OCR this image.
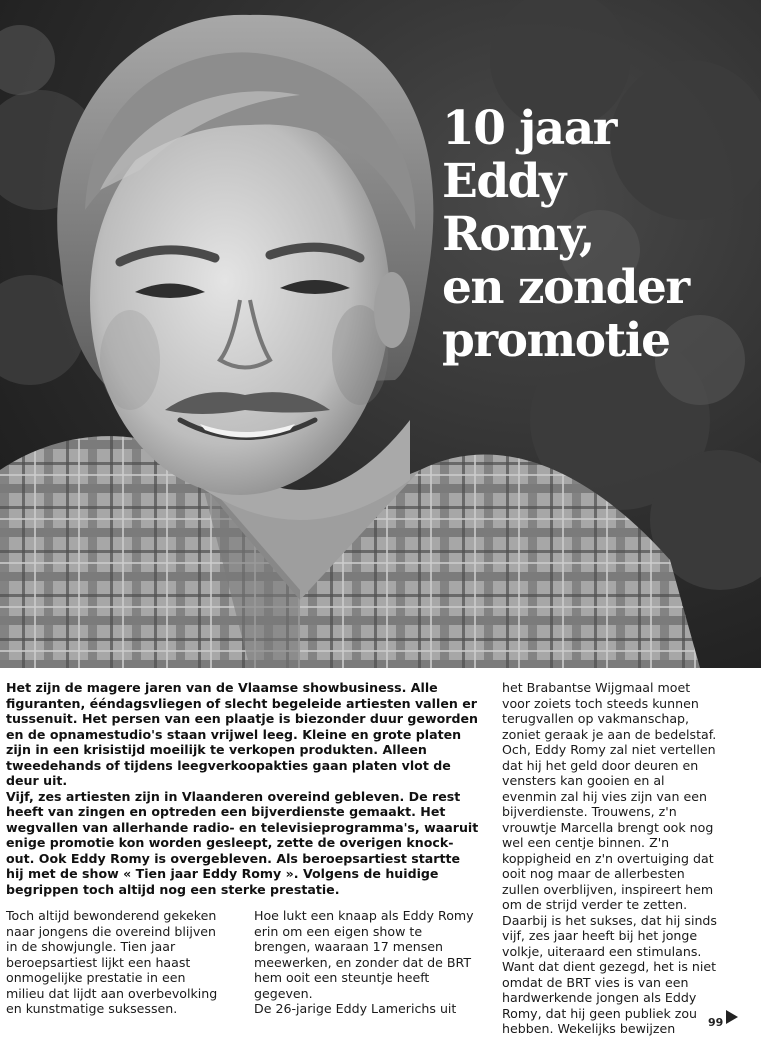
10 jaar
Eddy
Romy,
en zonder
promotie

Het zijn de magere jaren van de Vlaamse showbusiness. Alle figuranten, ééndagsvliegen of slecht begeleide artiesten vallen er tussenuit. Het persen van een plaatje is biezonder duur geworden en de opnamestudio's staan vrijwel leeg. Kleine en grote platen zijn in een krisistijd moeilijk te verkopen produkten. Alleen tweedehands of tijdens leegverkoopakties gaan platen vlot de deur uit.
Vijf, zes artiesten zijn in Vlaanderen overeind gebleven. De rest heeft van zingen en optreden een bijverdienste gemaakt. Het wegvallen van allerhande radio- en televisieprogramma's, waaruit enige promotie kon worden gesleept, zette de overigen knock-out. Ook Eddy Romy is overgebleven. Als beroepsartiest startte hij met de show « Tien jaar Eddy Romy ». Volgens de huidige begrippen toch altijd nog een sterke prestatie.

Toch altijd bewonderend gekeken naar jongens die overeind blijven in de showjungle. Tien jaar beroepsartiest lijkt een haast onmogelijke prestatie in een milieu dat lijdt aan overbevolking en kunstmatige suksessen.

Hoe lukt een knaap als Eddy Romy erin om een eigen show te brengen, waaraan 17 mensen meewerken, en zonder dat de BRT hem ooit een steuntje heeft gegeven.
De 26-jarige Eddy Lamerichs uit

het Brabantse Wijgmaal moet voor zoiets toch steeds kunnen terugvallen op vakmanschap, zoniet geraak je aan de bedelstaf. Och, Eddy Romy zal niet vertellen dat hij het geld door deuren en vensters kan gooien en al evenmin zal hij vies zijn van een bijverdienste. Trouwens, z'n vrouwtje Marcella brengt ook nog wel een centje binnen. Z'n koppigheid en z'n overtuiging dat ooit nog maar de allerbesten zullen overblijven, inspireert hem om de strijd verder te zetten.
Daarbij is het sukses, dat hij sinds vijf, zes jaar heeft bij het jonge volkje, uiteraard een stimulans. Want dat dient gezegd, het is niet omdat de BRT vies is van een hardwerkende jongen als Eddy Romy, dat hij geen publiek zou hebben. Wekelijks bewijzen	99
